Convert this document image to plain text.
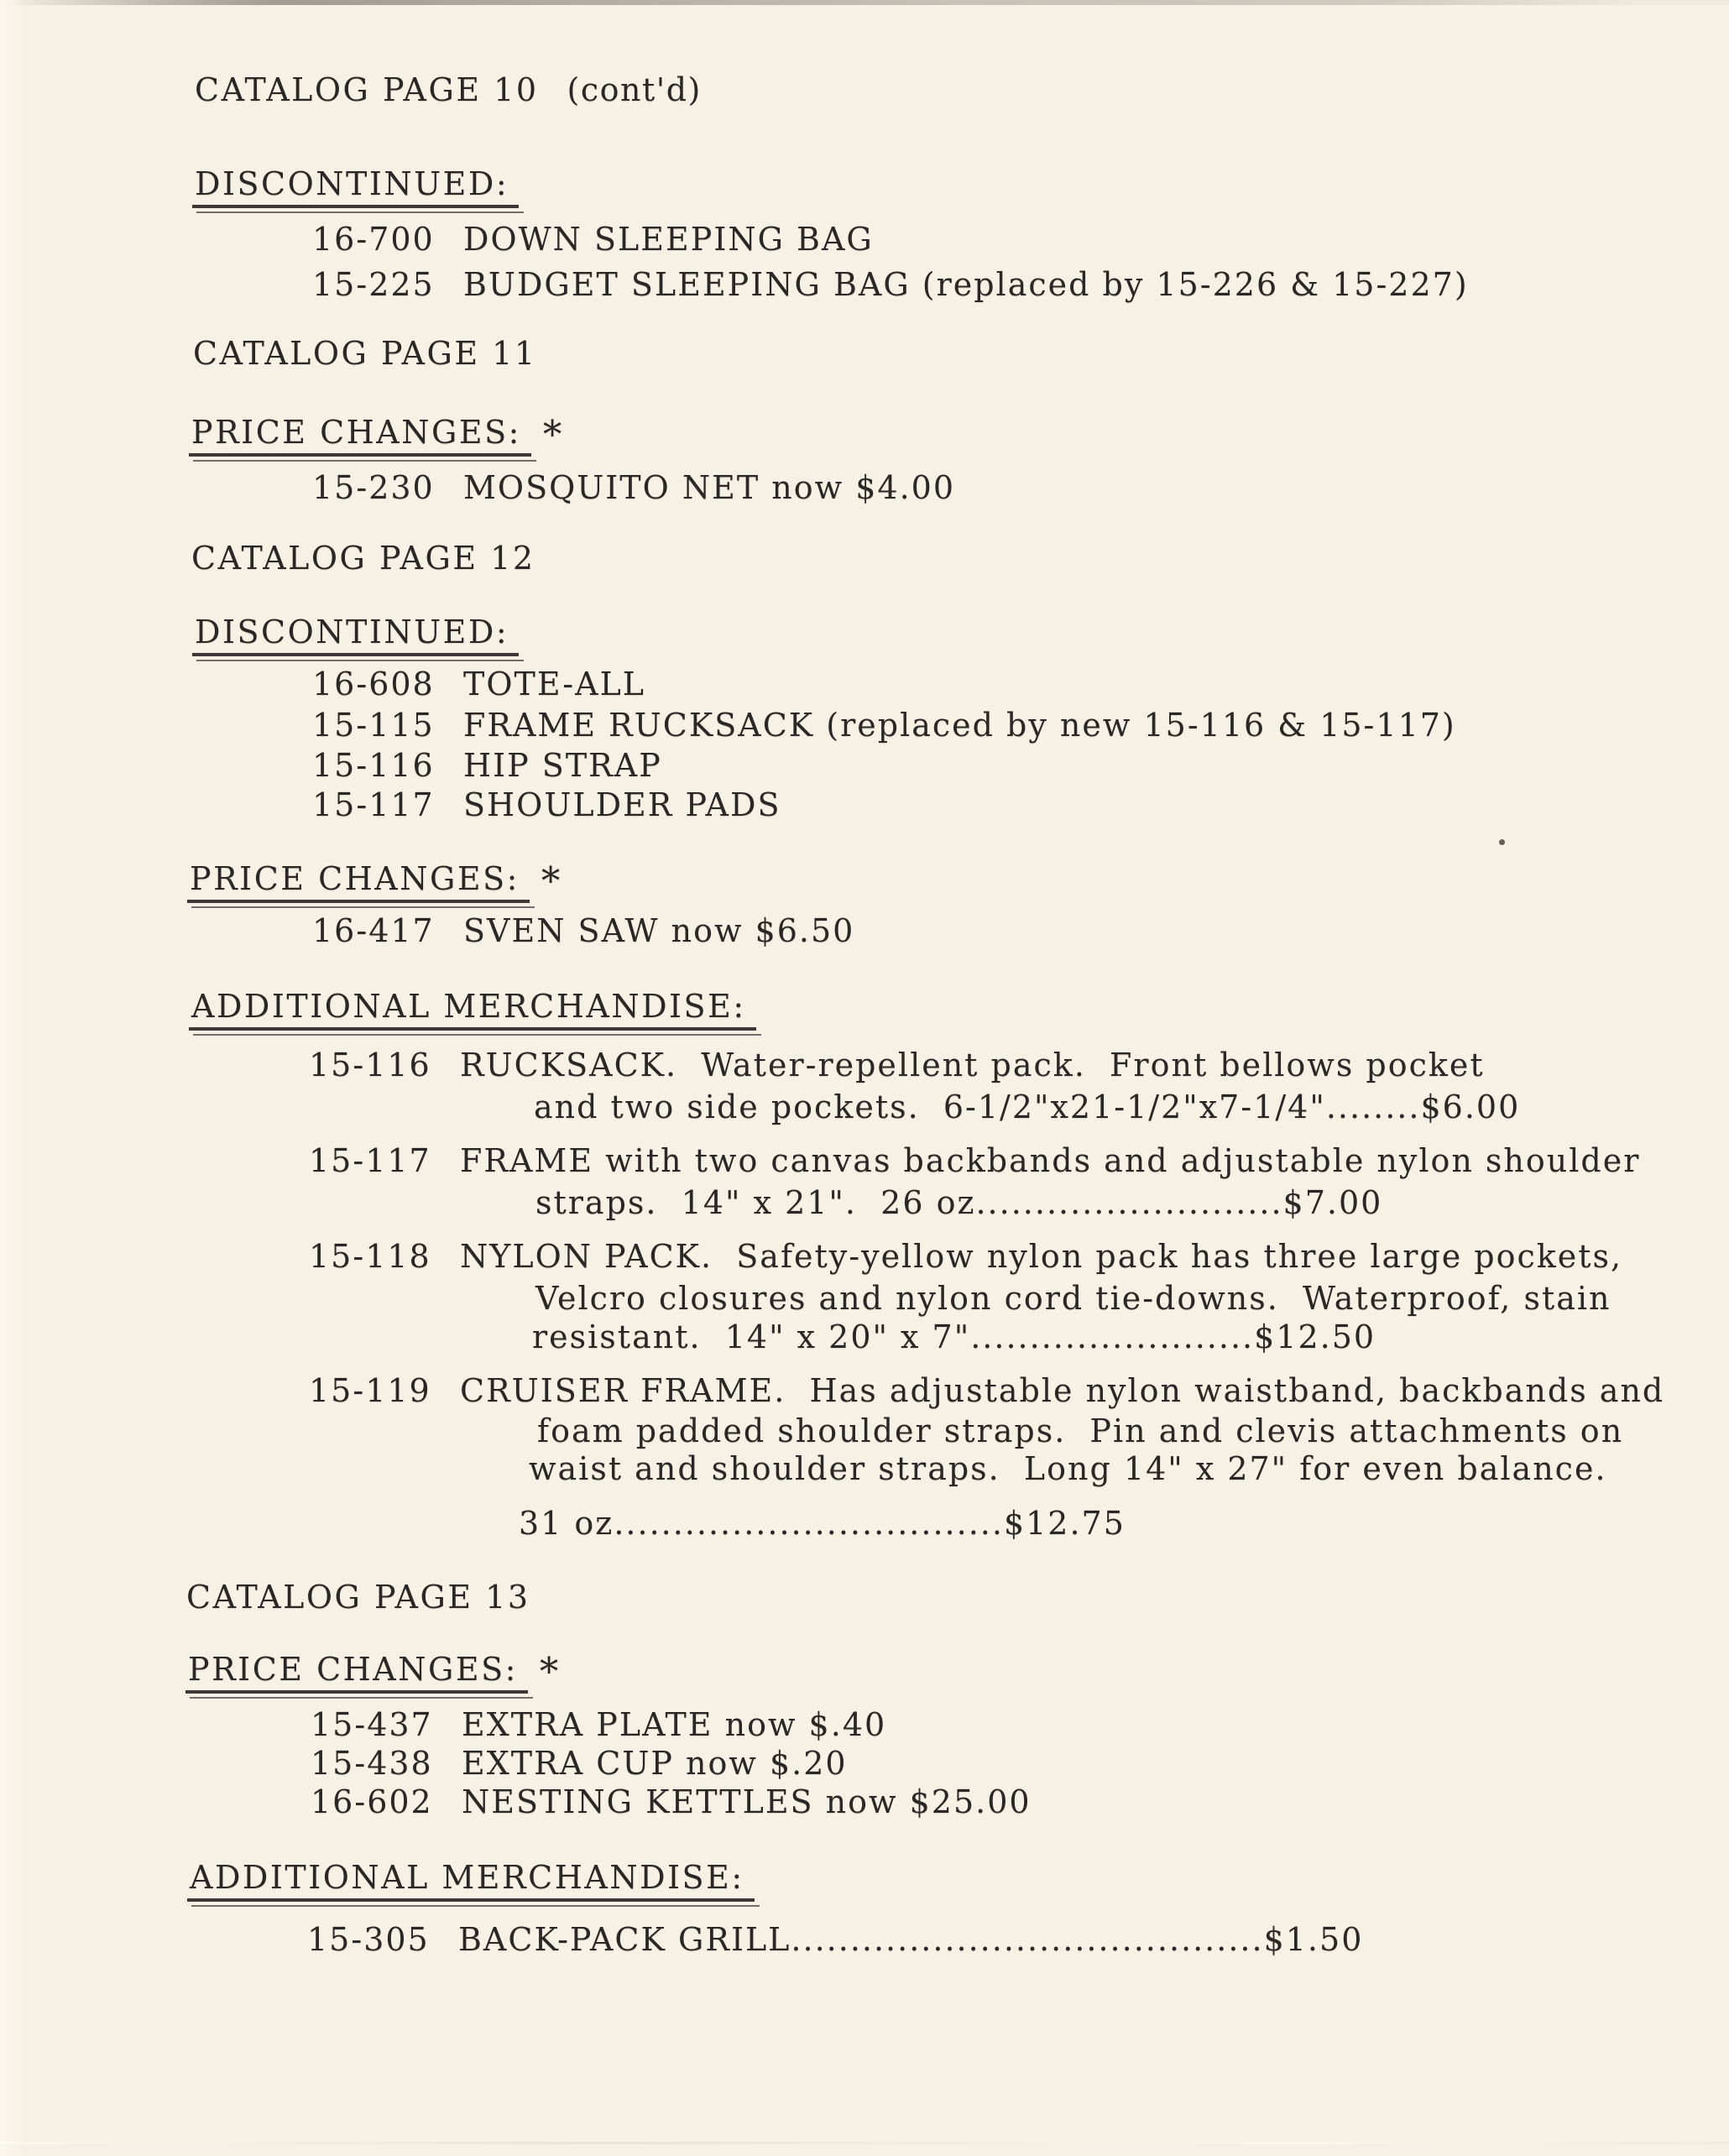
CATALOG PAGE 10 (cont'd)
DISCONTINUED:
16-700 DOWN SLEEPING BAG
15-225 BUDGET SLEEPING BAG (replaced by 15-226 & 15-227)
CATALOG PAGE 11
PRICE CHANGES: *
15-230 MOSQUITO NET now $4.00
CATALOG PAGE 12
DISCONTINUED:
16-608 TOTE-ALL
15-115 FRAME RUCKSACK (replaced by new 15-116 & 15-117)
15-116 HIP STRAP
15-117 SHOULDER PADS
PRICE CHANGES: *
16-417 SVEN SAW now $6.50
ADDITIONAL MERCHANDISE:
15-116 RUCKSACK.  Water-repellent pack.  Front bellows pocket
and two side pockets.  6-1/2"x21-1/2"x7-1/4"........$6.00
15-117 FRAME with two canvas backbands and adjustable nylon shoulder
straps.  14" x 21".  26 oz..........................$7.00
15-118 NYLON PACK.  Safety-yellow nylon pack has three large pockets,
Velcro closures and nylon cord tie-downs.  Waterproof, stain
resistant.  14" x 20" x 7"........................$12.50
15-119 CRUISER FRAME.  Has adjustable nylon waistband, backbands and
foam padded shoulder straps.  Pin and clevis attachments on
waist and shoulder straps.  Long 14" x 27" for even balance.
31 oz.................................$12.75
CATALOG PAGE 13
PRICE CHANGES: *
15-437 EXTRA PLATE now $.40
15-438 EXTRA CUP now $.20
16-602 NESTING KETTLES now $25.00
ADDITIONAL MERCHANDISE:
15-305 BACK-PACK GRILL........................................$1.50
